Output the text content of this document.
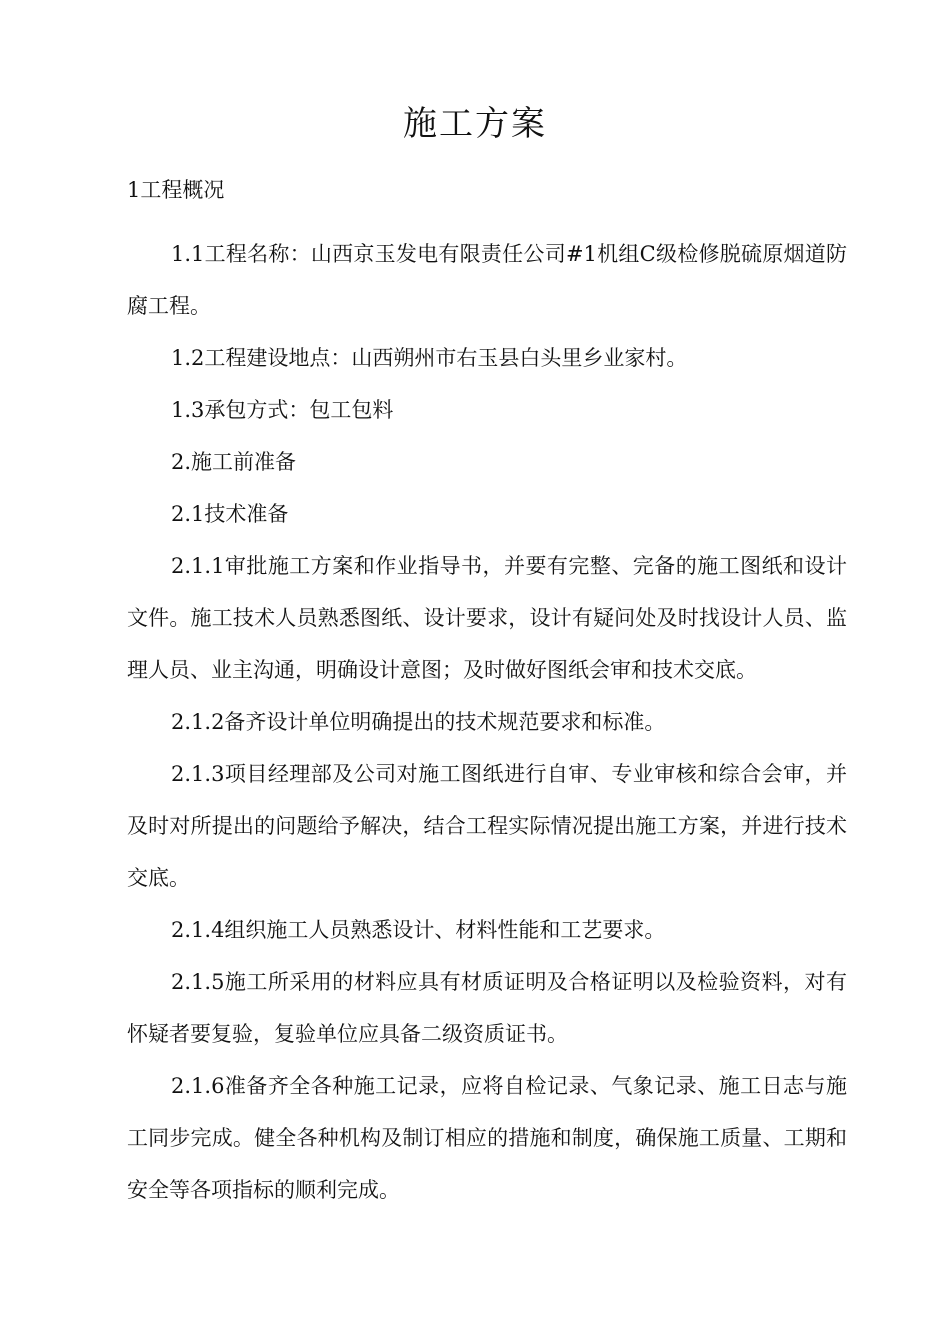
施工方案
1工程概况

1.1工程名称：山西京玉发电有限责任公司#1机组C级检修脱硫原烟道防腐工程。

1.2工程建设地点：山西朔州市右玉县白头里乡业家村。

1.3承包方式：包工包料

2.施工前准备

2.1技术准备

2.1.1审批施工方案和作业指导书，并要有完整、完备的施工图纸和设计文件。施工技术人员熟悉图纸、设计要求，设计有疑问处及时找设计人员、监理人员、业主沟通，明确设计意图；及时做好图纸会审和技术交底。

2.1.2备齐设计单位明确提出的技术规范要求和标准。

2.1.3项目经理部及公司对施工图纸进行自审、专业审核和综合会审，并及时对所提出的问题给予解决，结合工程实际情况提出施工方案，并进行技术交底。

2.1.4组织施工人员熟悉设计、材料性能和工艺要求。

2.1.5施工所采用的材料应具有材质证明及合格证明以及检验资料，对有怀疑者要复验，复验单位应具备二级资质证书。

2.1.6准备齐全各种施工记录，应将自检记录、气象记录、施工日志与施工同步完成。健全各种机构及制订相应的措施和制度，确保施工质量、工期和安全等各项指标的顺利完成。
